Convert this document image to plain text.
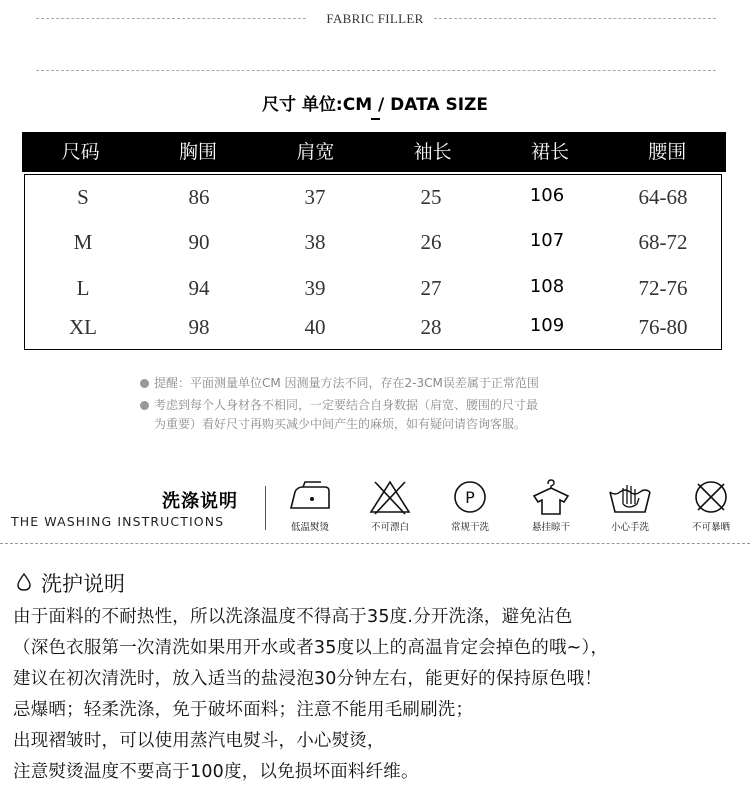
FABRIC FILLER
尺寸 单位:CM / DATA SIZE
尺码	胸围	肩宽	袖长	裙长	腰围
S	86	37	25	106	64-68
M	90	38	26	107	68-72
L	94	39	27	108	72-76
XL	98	40	28	109	76-80
提醒：平面测量单位CM 因测量方法不同，存在2-3CM误差属于正常范围
考虑到每个人身材各不相同，一定要结合自身数据（肩宽、腰围的尺寸最
为重要）看好尺寸再购买减少中间产生的麻烦，如有疑问请咨询客服。
洗涤说明
THE WASHING INSTRUCTIONS	低温熨烫	不可漂白
P
常规干洗	悬挂晾干	小心手洗	不可暴晒
洗护说明
由于面料的不耐热性，所以洗涤温度不得高于35度.分开洗涤，避免沾色
（深色衣服第一次清洗如果用开水或者35度以上的高温肯定会掉色的哦~），
建议在初次清洗时，放入适当的盐浸泡30分钟左右，能更好的保持原色哦！
忌爆晒；轻柔洗涤，免于破坏面料；注意不能用毛刷刷洗；
出现褶皱时，可以使用蒸汽电熨斗，小心熨烫，
注意熨烫温度不要高于100度，以免损坏面料纤维。
